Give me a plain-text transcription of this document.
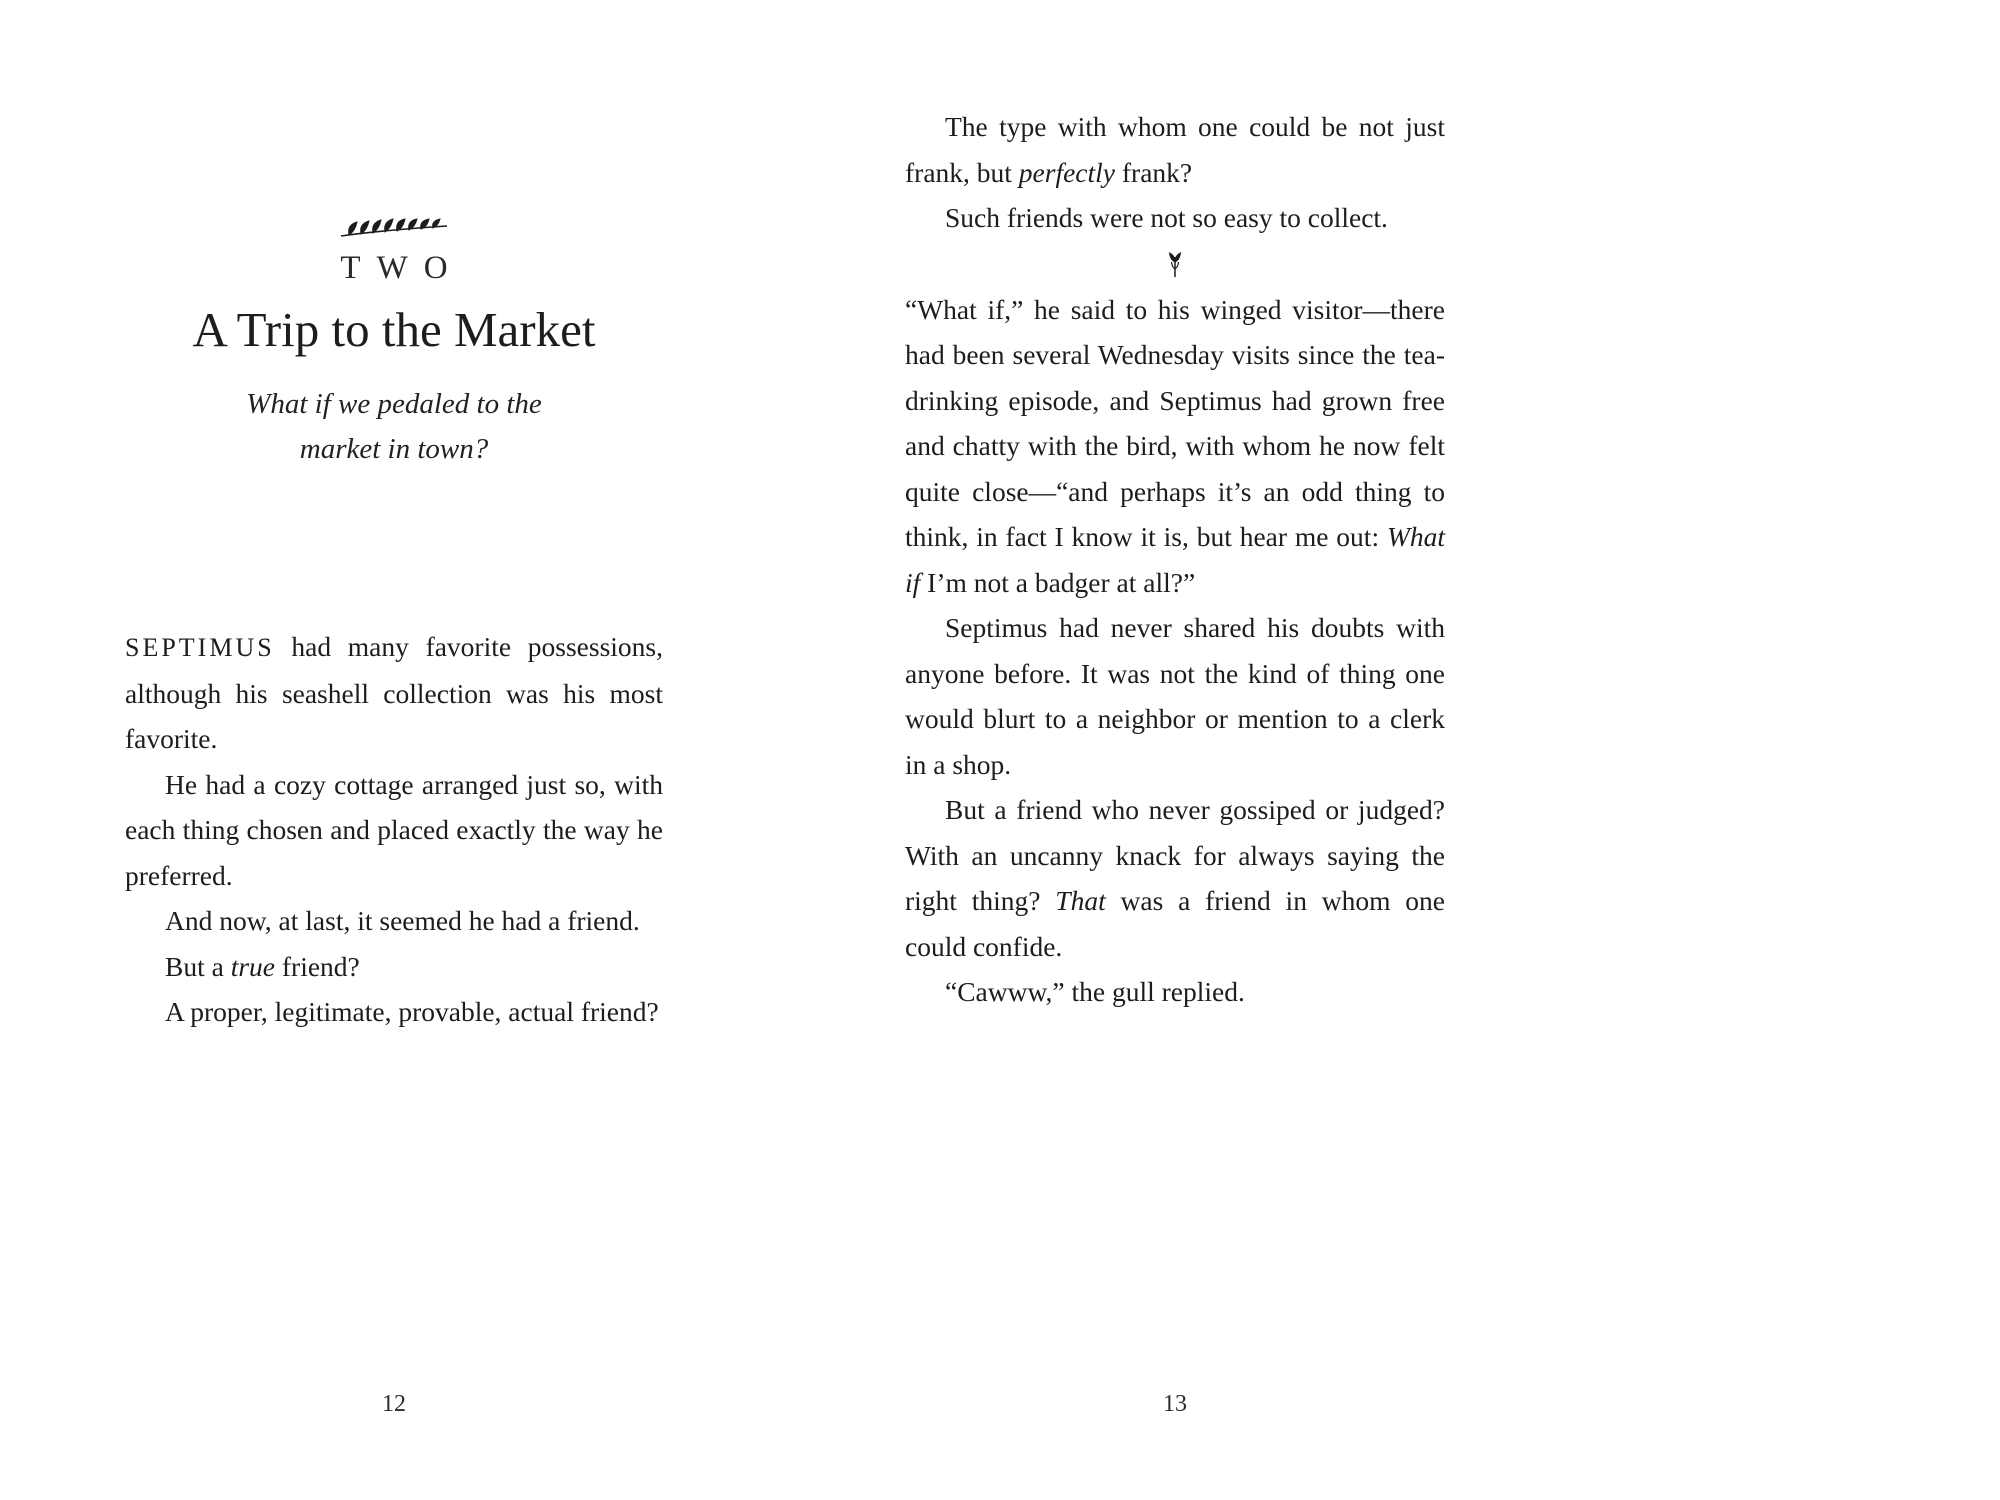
TWO
A Trip to the Market
What if we pedaled to the
market in town?

SEPTIMUS had many favorite possessions, although his seashell collection was his most favorite.

He had a cozy cottage arranged just so, with each thing chosen and placed exactly the way he preferred.

And now, at last, it seemed he had a friend.

But a true friend?

A proper, legitimate, provable, actual friend?

12

The type with whom one could be not just frank, but perfectly frank?

Such friends were not so easy to collect.

“What if,” he said to his winged visitor—there had been several Wednesday visits since the tea-drinking episode, and Septimus had grown free and chatty with the bird, with whom he now felt quite close—“and perhaps it’s an odd thing to think, in fact I know it is, but hear me out: What if I’m not a badger at all?”

Septimus had never shared his doubts with anyone before. It was not the kind of thing one would blurt to a neighbor or mention to a clerk in a shop.

But a friend who never gossiped or judged? With an uncanny knack for always saying the right thing? That was a friend in whom one could confide.

“Cawww,” the gull replied.

13
